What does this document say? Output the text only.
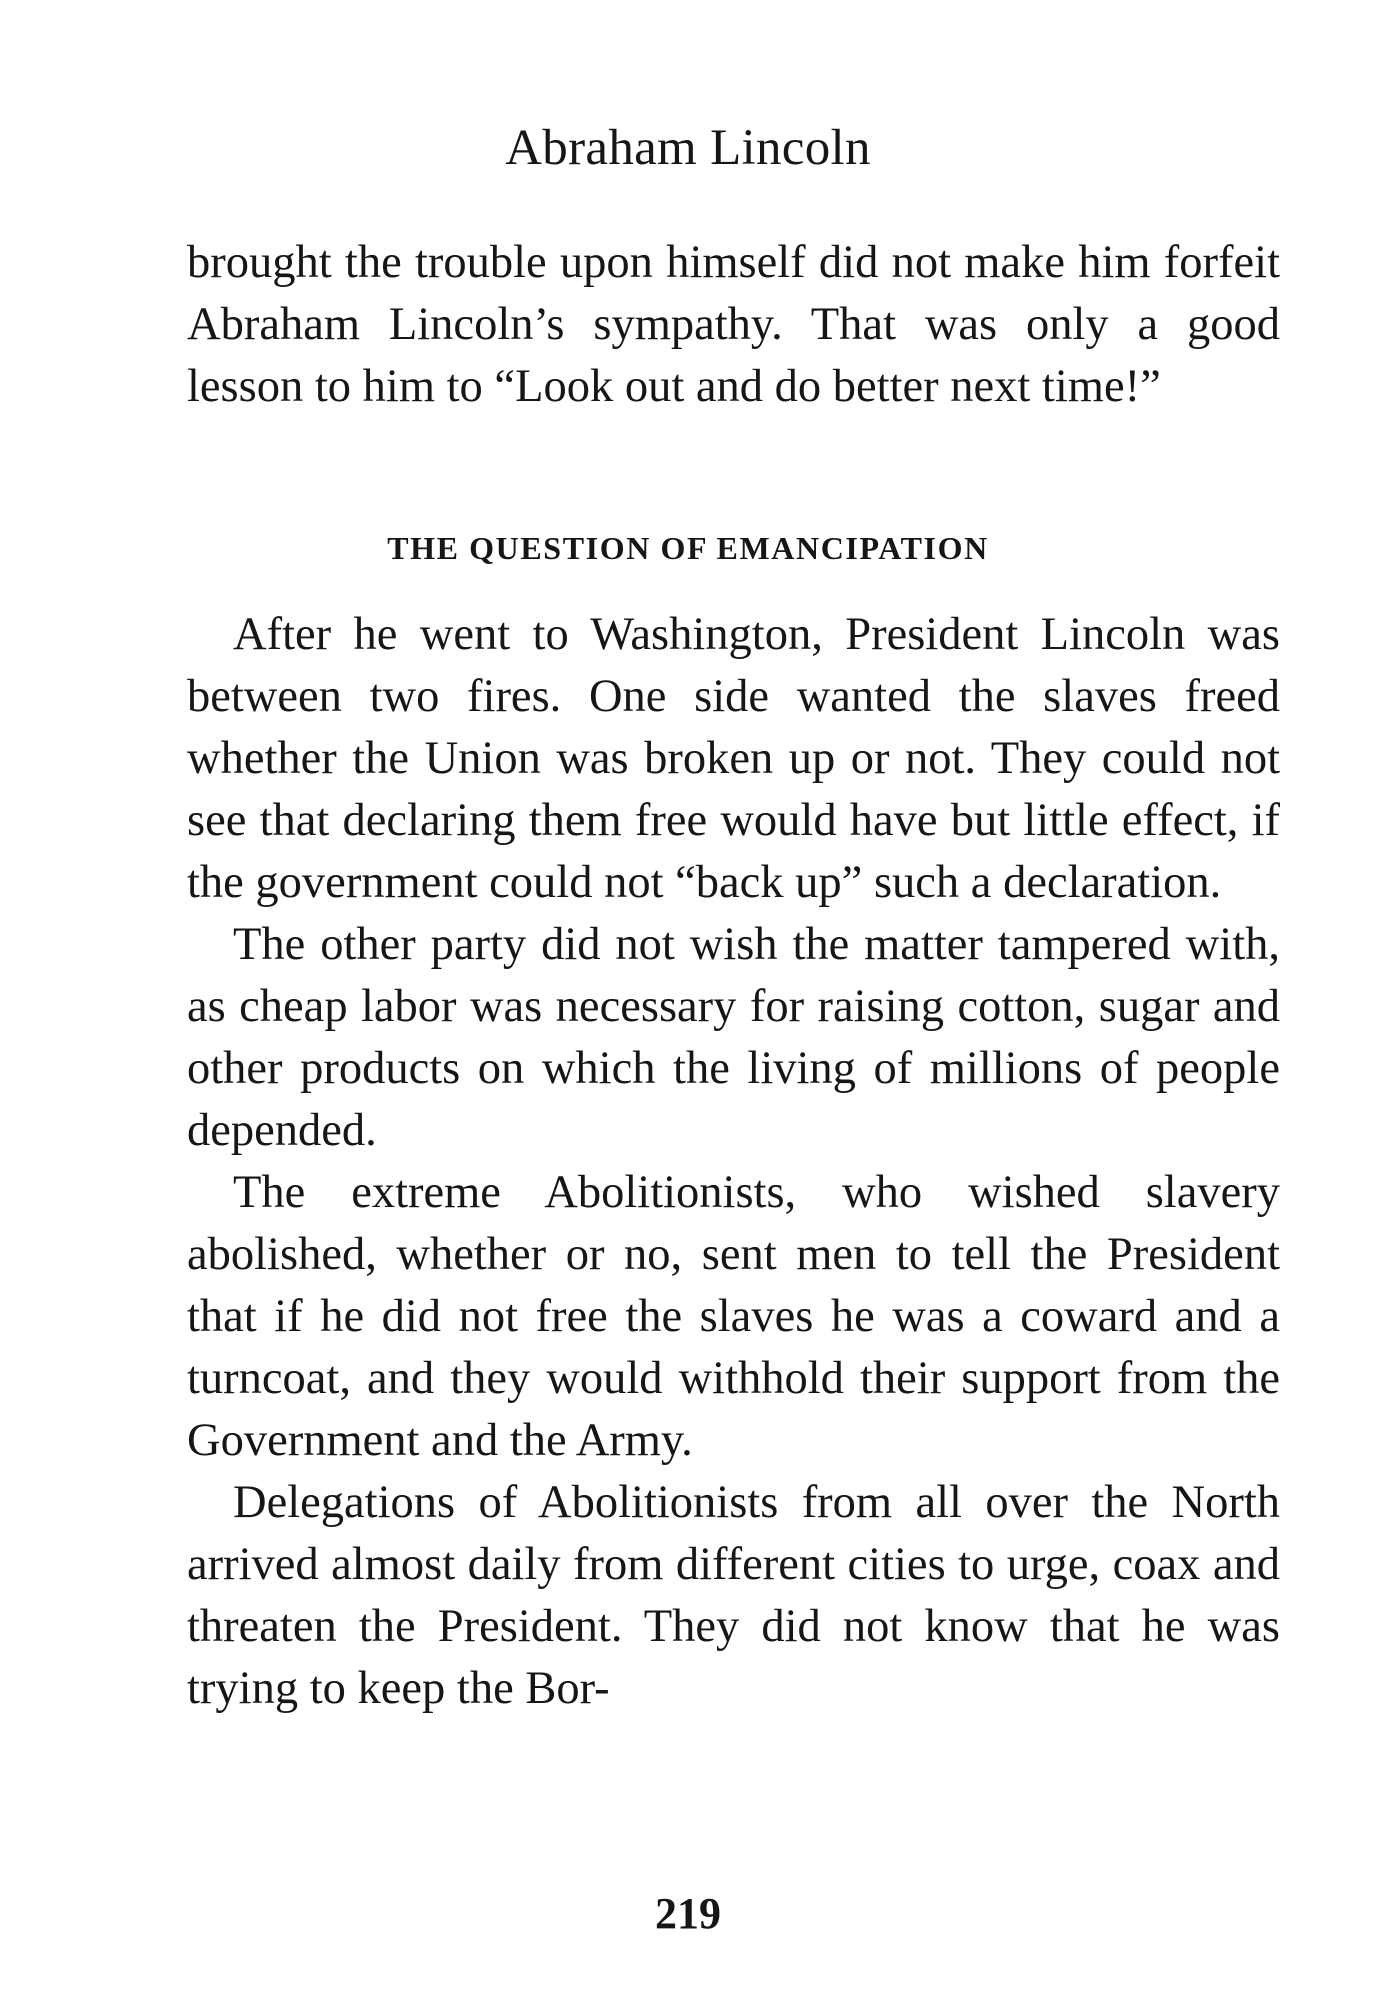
Abraham Lincoln
brought the trouble upon himself did not make him forfeit Abraham Lincoln’s sympathy. That was only a good lesson to him to “Look out and do better next time!”
THE QUESTION OF EMANCIPATION

After he went to Washington, President Lincoln was between two fires. One side wanted the slaves freed whether the Union was broken up or not. They could not see that declaring them free would have but little effect, if the government could not “back up” such a declaration.

The other party did not wish the matter tampered with, as cheap labor was necessary for raising cotton, sugar and other products on which the living of millions of people depended.

The extreme Abolitionists, who wished slavery abolished, whether or no, sent men to tell the President that if he did not free the slaves he was a coward and a turncoat, and they would withhold their support from the Government and the Army.

Delegations of Abolitionists from all over the North arrived almost daily from different cities to urge, coax and threaten the President. They did not know that he was trying to keep the Bor-

219
